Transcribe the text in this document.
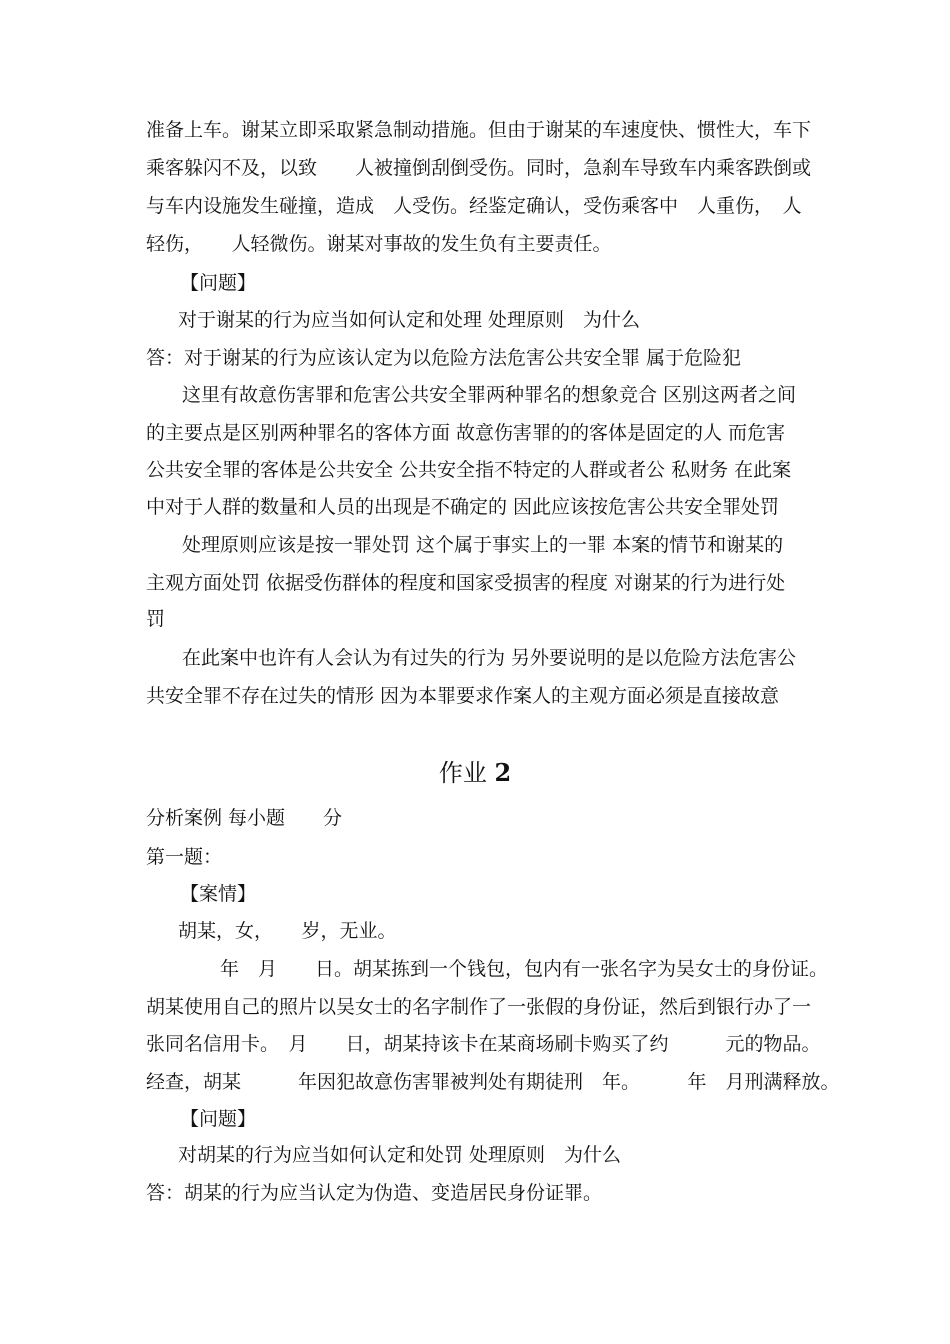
准备上车。谢某立即采取紧急制动措施。但由于谢某的车速度快、惯性大，车下
乘客躲闪不及，以致　　人被撞倒刮倒受伤。同时，急刹车导致车内乘客跌倒或
与车内设施发生碰撞，造成　人受伤。经鉴定确认，受伤乘客中　人重伤，　人
轻伤，　　人轻微伤。谢某对事故的发生负有主要责任。
【问题】
对于谢某的行为应当如何认定和处理 处理原则　为什么
答：对于谢某的行为应该认定为以危险方法危害公共安全罪 属于危险犯
这里有故意伤害罪和危害公共安全罪两种罪名的想象竞合 区别这两者之间
的主要点是区别两种罪名的客体方面 故意伤害罪的的客体是固定的人 而危害
公共安全罪的客体是公共安全 公共安全指不特定的人群或者公 私财务 在此案
中对于人群的数量和人员的出现是不确定的 因此应该按危害公共安全罪处罚
处理原则应该是按一罪处罚 这个属于事实上的一罪 本案的情节和谢某的
主观方面处罚 依据受伤群体的程度和国家受损害的程度 对谢某的行为进行处
罚
在此案中也许有人会认为有过失的行为 另外要说明的是以危险方法危害公
共安全罪不存在过失的情形 因为本罪要求作案人的主观方面必须是直接故意
作业 2
分析案例 每小题　　分
第一题：
【案情】
胡某，女，　　岁，无业。
年　月　　日。胡某拣到一个钱包，包内有一张名字为吴女士的身份证。
胡某使用自己的照片以吴女士的名字制作了一张假的身份证，然后到银行办了一
张同名信用卡。　月　　日，胡某持该卡在某商场刷卡购买了约　　　元的物品。
经查，胡某　　　年因犯故意伤害罪被判处有期徒刑　年。　　　年　月刑满释放。
【问题】
对胡某的行为应当如何认定和处罚 处理原则　为什么
答：胡某的行为应当认定为伪造、变造居民身份证罪。
